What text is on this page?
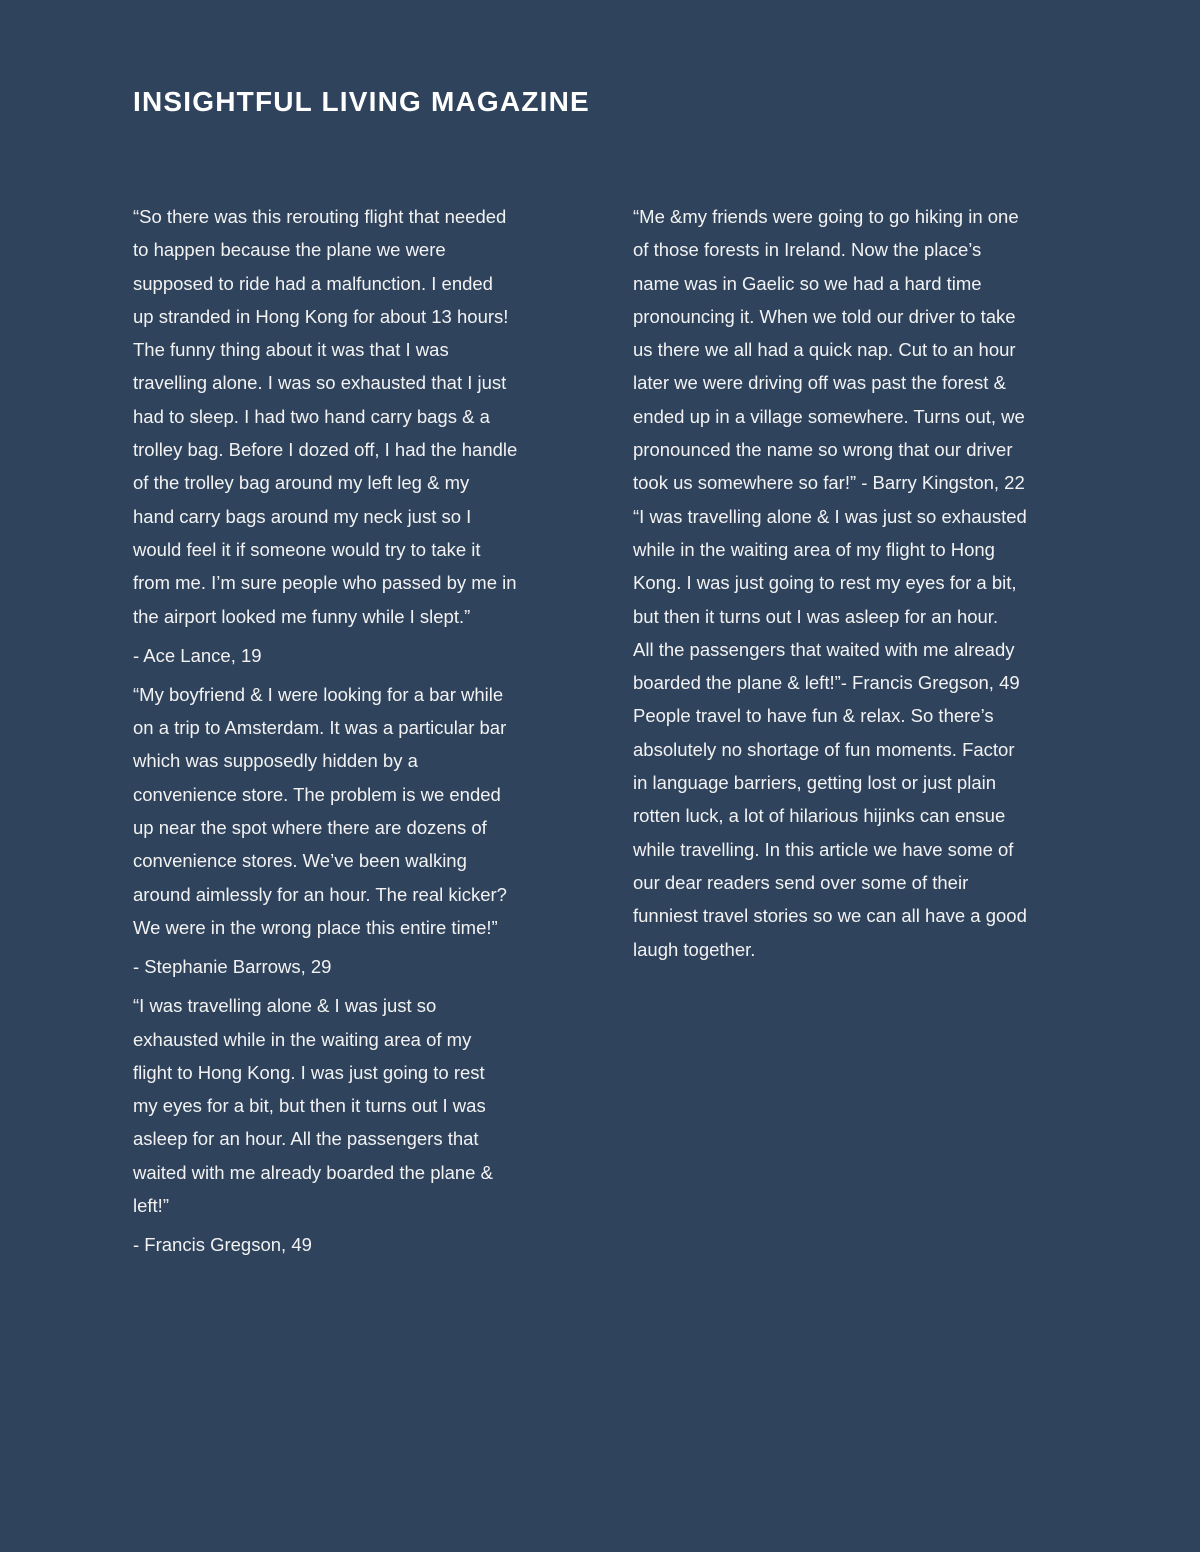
INSIGHTFUL LIVING MAGAZINE
“So there was this rerouting flight that needed
to happen because the plane we were
supposed to ride had a malfunction. I ended
up stranded in Hong Kong for about 13 hours!
The funny thing about it was that I was
travelling alone. I was so exhausted that I just
had to sleep. I had two hand carry bags & a
trolley bag. Before I dozed off, I had the handle
of the trolley bag around my left leg & my
hand carry bags around my neck just so I
would feel it if someone would try to take it
from me. I’m sure people who passed by me in
the airport looked me funny while I slept.”
- Ace Lance, 19
“My boyfriend & I were looking for a bar while
on a trip to Amsterdam. It was a particular bar
which was supposedly hidden by a
convenience store. The problem is we ended
up near the spot where there are dozens of
convenience stores. We’ve been walking
around aimlessly for an hour. The real kicker?
We were in the wrong place this entire time!”
- Stephanie Barrows, 29
“I was travelling alone & I was just so
exhausted while in the waiting area of my
flight to Hong Kong. I was just going to rest
my eyes for a bit, but then it turns out I was
asleep for an hour. All the passengers that
waited with me already boarded the plane &
left!”
- Francis Gregson, 49
“Me &my friends were going to go hiking in one
of those forests in Ireland. Now the place’s
name was in Gaelic so we had a hard time
pronouncing it. When we told our driver to take
us there we all had a quick nap. Cut to an hour
later we were driving off was past the forest &
ended up in a village somewhere. Turns out, we
pronounced the name so wrong that our driver
took us somewhere so far!” - Barry Kingston, 22
“I was travelling alone & I was just so exhausted
while in the waiting area of my flight to Hong
Kong. I was just going to rest my eyes for a bit,
but then it turns out I was asleep for an hour.
All the passengers that waited with me already
boarded the plane & left!”- Francis Gregson, 49
People travel to have fun & relax. So there’s
absolutely no shortage of fun moments. Factor
in language barriers, getting lost or just plain
rotten luck, a lot of hilarious hijinks can ensue
while travelling. In this article we have some of
our dear readers send over some of their
funniest travel stories so we can all have a good
laugh together.
